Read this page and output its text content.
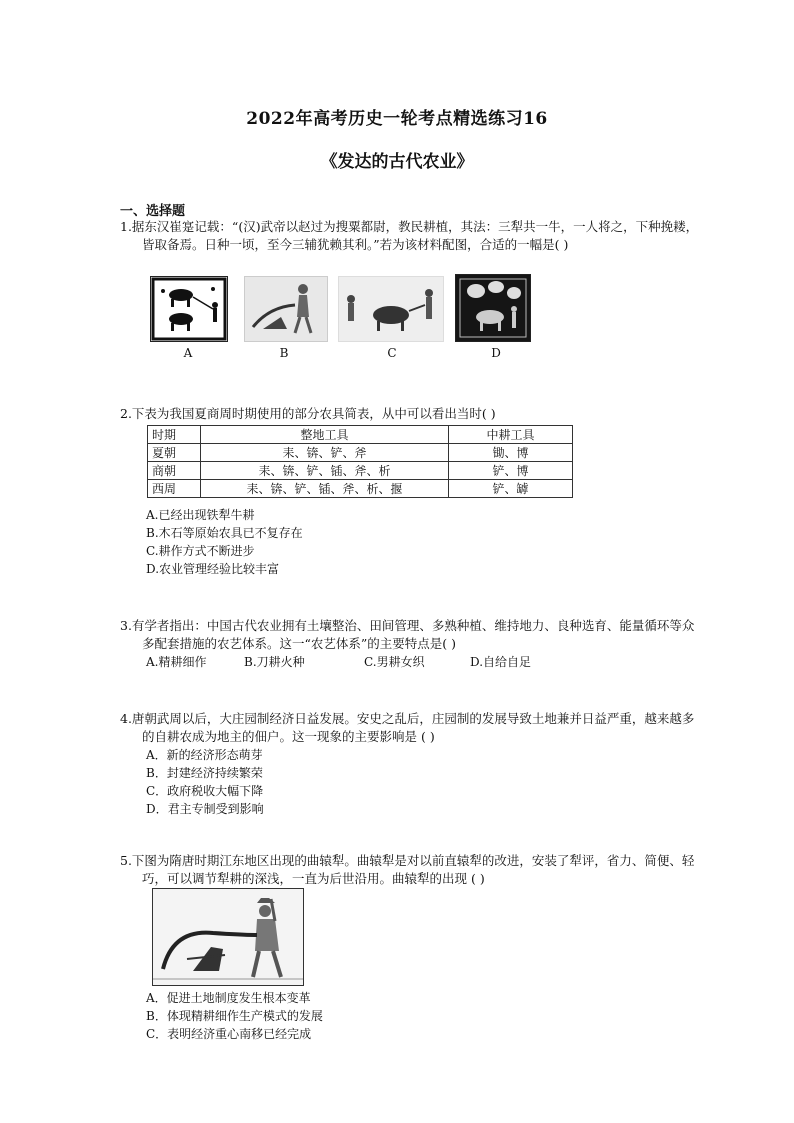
2022年高考历史一轮考点精选练习16
《发达的古代农业》
一、选择题
1.据东汉崔寔记载：“(汉)武帝以赵过为搜粟都尉，教民耕植，其法：三犁共一牛，一人将之，下种挽耧，皆取备焉。日种一顷，至今三辅犹赖其利。”若为该材料配图，合适的一幅是( )
A	B	C	D
2.下表为我国夏商周时期使用的部分农具简表，从中可以看出当时( )
时期	整地工具	中耕工具
夏朝	耒、锛、铲、斧	锄、博
商朝	耒、锛、铲、锸、斧、析	铲、博
西周	耒、锛、铲、锸、斧、析、揠	铲、罅
A.已经出现铁犁牛耕
B.木石等原始农具已不复存在
C.耕作方式不断进步
D.农业管理经验比较丰富
3.有学者指出：中国古代农业拥有土壤整治、田间管理、多熟种植、维持地力、良种选育、能量循环等众多配套措施的农艺体系。这一“农艺体系”的主要特点是( )
A.精耕细作	B.刀耕火种	C.男耕女织	D.自给自足
4.唐朝武周以后，大庄园制经济日益发展。安史之乱后，庄园制的发展导致土地兼并日益严重，越来越多的自耕农成为地主的佃户。这一现象的主要影响是 ( )
A．新的经济形态萌芽
B．封建经济持续繁荣
C．政府税收大幅下降
D．君主专制受到影响
5.下图为隋唐时期江东地区出现的曲辕犁。曲辕犁是对以前直辕犁的改进，安装了犁评，省力、简便、轻巧，可以调节犁耕的深浅，一直为后世沿用。曲辕犁的出现 ( )
A．促进土地制度发生根本变革
B．体现精耕细作生产模式的发展
C．表明经济重心南移已经完成
